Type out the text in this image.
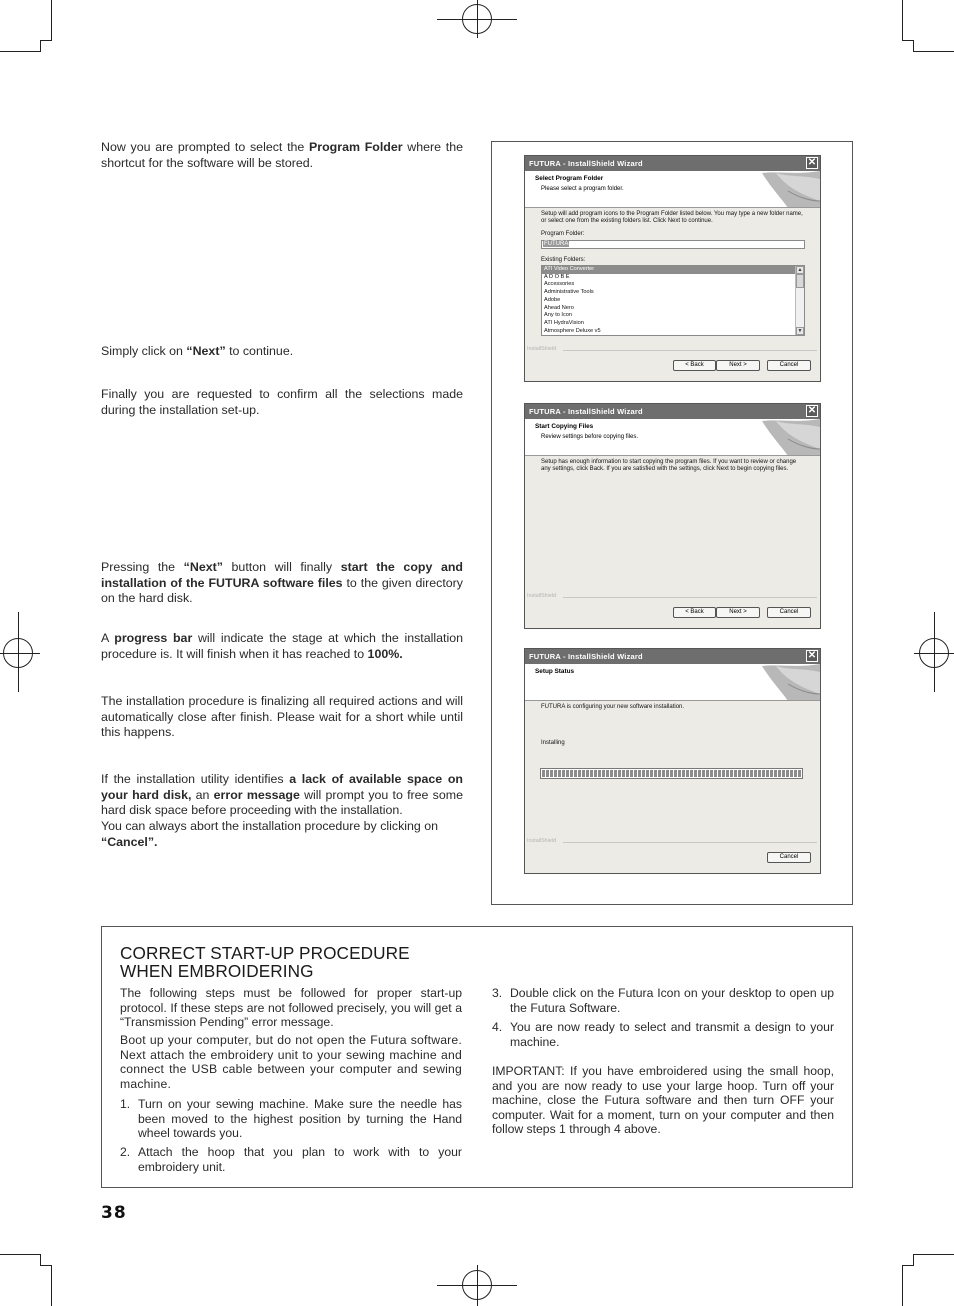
Now you are prompted to select the Program Folder where the shortcut for the software will be stored.

Simply click on “Next” to continue.

Finally you are requested to confirm all the selections made during the installation set-up.

Pressing the “Next” button will finally start the copy and installation of the FUTURA software files to the given directory on the hard disk.

A progress bar will indicate the stage at which the installation procedure is. It will finish when it has reached to 100%.

The installation procedure is finalizing all required actions and will automatically close after finish. Please wait for a short while until this happens.

If the installation utility identifies a lack of available space on your hard disk, an error message will prompt you to free some hard disk space before proceeding with the installation.

You can always abort the installation procedure by clicking on “Cancel”.

FUTURA - InstallShield Wizard	✕
Select Program Folder
Please select a program folder.
Setup will add program icons to the Program Folder listed below. You may type a new folder name, or select one from the existing folders list. Click Next to continue.
Program Folder:
FUTURA
Existing Folders:
ATI Video Converter
A D O B E
Accessories
Administrative Tools
Adobe
Ahead Nero
Any to Icon
ATI HydraVision
Atmosphere Deluxe v5
▲
▼
InstallShield
< Back	Next >	Cancel
FUTURA - InstallShield Wizard	✕
Start Copying Files
Review settings before copying files.
Setup has enough information to start copying the program files. If you want to review or change any settings, click Back. If you are satisfied with the settings, click Next to begin copying files.
InstallShield
< Back	Next >	Cancel
FUTURA - InstallShield Wizard	✕
Setup Status
FUTURA is configuring your new software installation.
Installing
InstallShield
Cancel
CORRECT START-UP PROCEDURE
WHEN EMBROIDERING

The following steps must be followed for proper start-up protocol. If these steps are not followed precisely, you will get a “Transmission Pending” error message.

Boot up your computer, but do not open the Futura software. Next attach the embroidery unit to your sewing machine and connect the USB cable between your computer and sewing machine.

1. Turn on your sewing machine. Make sure the needle has been moved to the highest position by turning the Hand wheel towards you.
2. Attach the hoop that you plan to work with to your embroidery unit.
3. Double click on the Futura Icon on your desktop to open up the Futura Software.
4. You are now ready to select and transmit a design to your machine.

IMPORTANT: If you have embroidered using the small hoop, and you are now ready to use your large hoop. Turn off your machine, close the Futura software and then turn OFF your computer. Wait for a moment, turn on your computer and then follow steps 1 through 4 above.

38
